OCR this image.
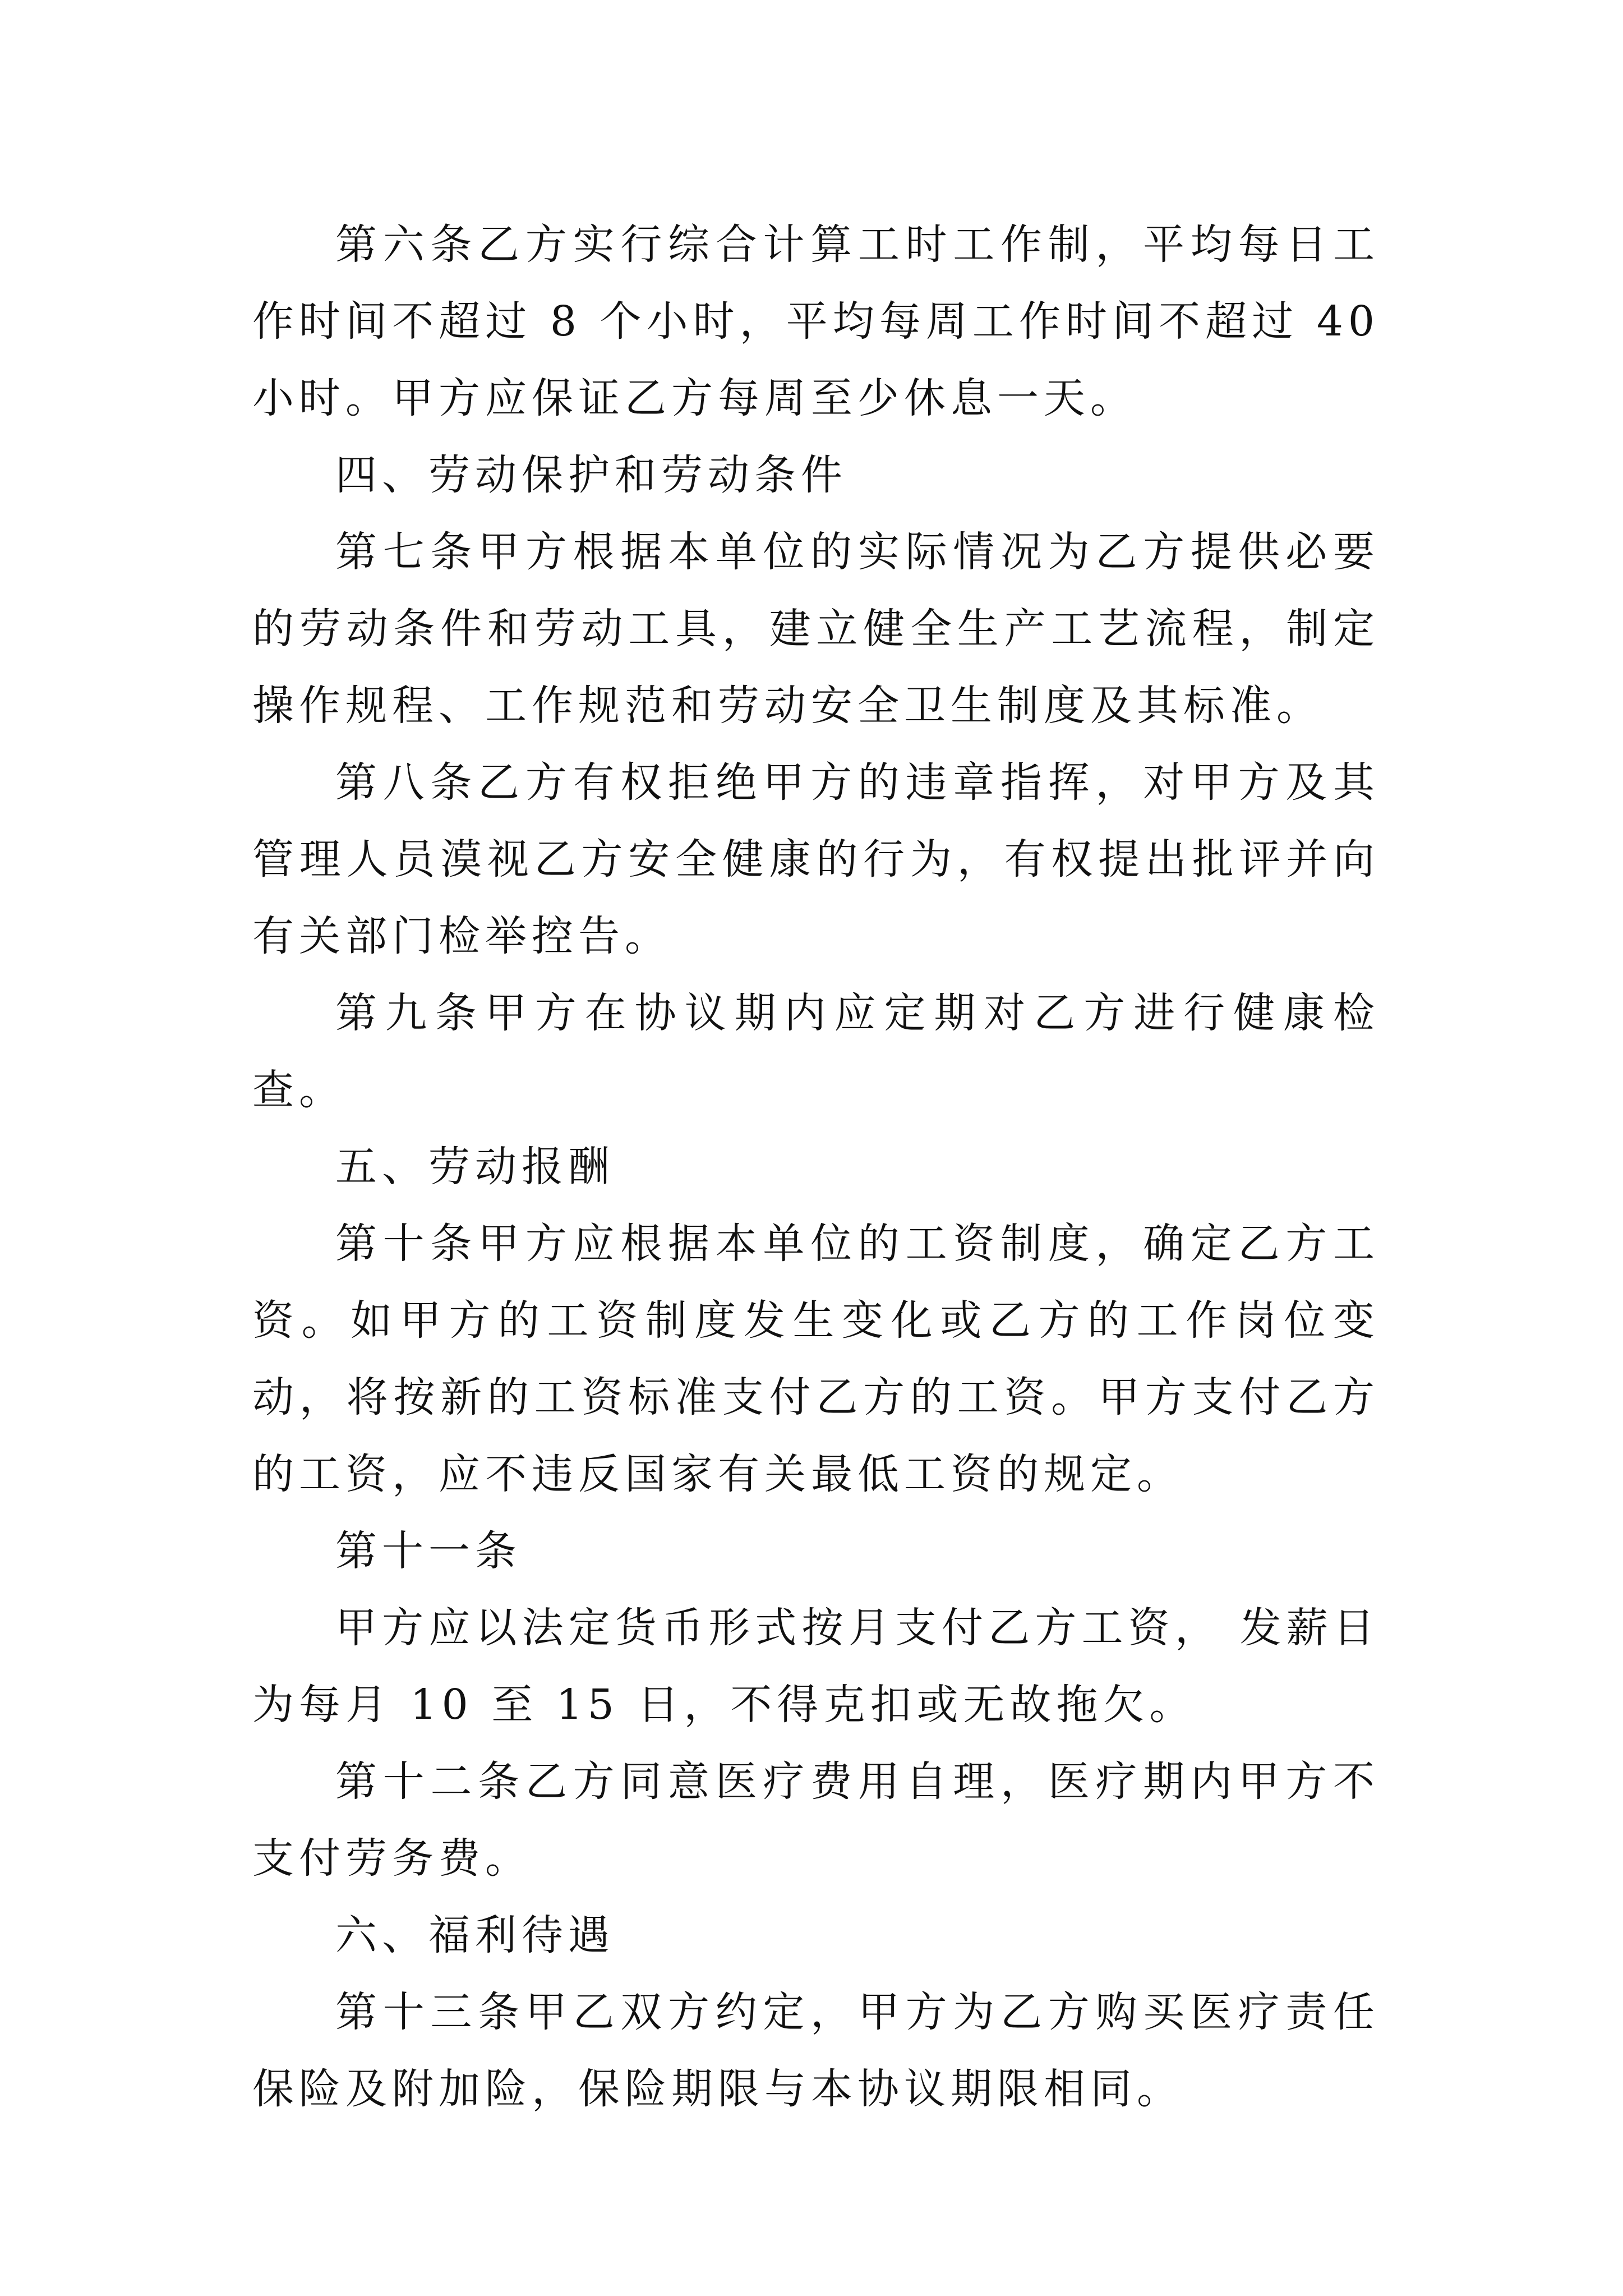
第六条乙方实行综合计算工时工作制，平均每日工作时间不超过 8 个小时，平均每周工作时间不超过 40 小时。甲方应保证乙方每周至少休息一天。

四、劳动保护和劳动条件

第七条甲方根据本单位的实际情况为乙方提供必要的劳动条件和劳动工具，建立健全生产工艺流程，制定操作规程、工作规范和劳动安全卫生制度及其标准。

第八条乙方有权拒绝甲方的违章指挥，对甲方及其管理人员漠视乙方安全健康的行为，有权提出批评并向有关部门检举控告。

第九条甲方在协议期内应定期对乙方进行健康检查。

五、劳动报酬

第十条甲方应根据本单位的工资制度，确定乙方工资。如甲方的工资制度发生变化或乙方的工作岗位变动，将按新的工资标准支付乙方的工资。甲方支付乙方的工资，应不违反国家有关最低工资的规定。

第十一条

甲方应以法定货币形式按月支付乙方工资， 发薪日为每月 10 至 15 日，不得克扣或无故拖欠。

第十二条乙方同意医疗费用自理，医疗期内甲方不支付劳务费。

六、福利待遇

第十三条甲乙双方约定，甲方为乙方购买医疗责任保险及附加险，保险期限与本协议期限相同。
